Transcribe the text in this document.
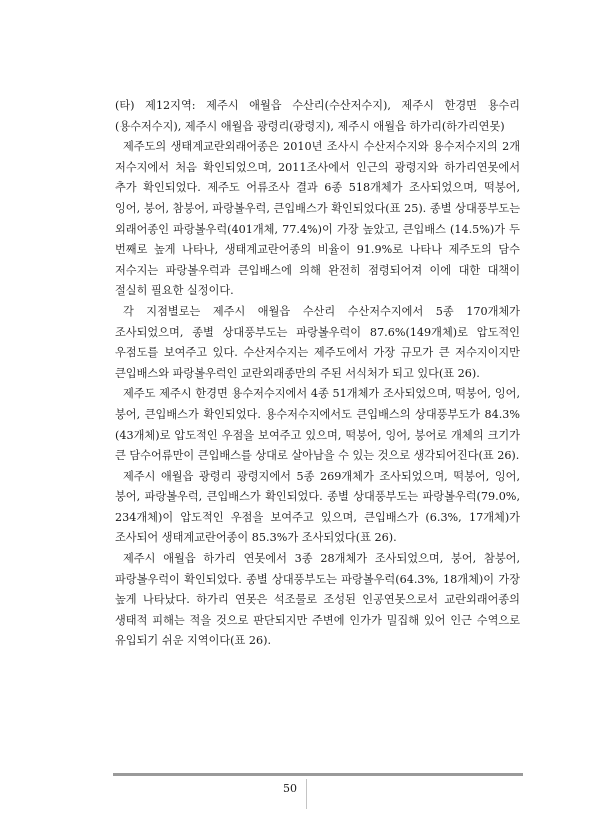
(타) 제12지역: 제주시 애월읍 수산리(수산저수지), 제주시 한경면 용수리(용수저수지), 제주시 애월읍 광령리(광령지), 제주시 애월읍 하가리(하가리연못)

제주도의 생태계교란외래어종은 2010년 조사시 수산저수지와 용수저수지의 2개 저수지에서 처음 확인되었으며, 2011조사에서 인근의 광령지와 하가리연못에서 추가 확인되었다. 제주도 어류조사 결과 6종 518개체가 조사되었으며, 떡붕어, 잉어, 붕어, 참붕어, 파랑볼우럭, 큰입배스가 확인되었다(표 25). 종별 상대풍부도는 외래어종인 파랑볼우럭(401개체, 77.4%)이 가장 높았고, 큰입배스 (14.5%)가 두 번째로 높게 나타나, 생태계교란어종의 비율이 91.9%로 나타나 제주도의 담수 저수지는 파랑볼우럭과 큰입배스에 의해 완전히 점령되어져 이에 대한 대책이 절실히 필요한 실정이다.

각 지점별로는 제주시 애월읍 수산리 수산저수지에서 5종 170개체가 조사되었으며, 종별 상대풍부도는 파랑볼우럭이 87.6%(149개체)로 압도적인 우점도를 보여주고 있다. 수산저수지는 제주도에서 가장 규모가 큰 저수지이지만 큰입배스와 파랑볼우럭인 교란외래종만의 주된 서식처가 되고 있다(표 26).

제주도 제주시 한경면 용수저수지에서 4종 51개체가 조사되었으며, 떡붕어, 잉어, 붕어, 큰입배스가 확인되었다. 용수저수지에서도 큰입배스의 상대풍부도가 84.3%(43개체)로 압도적인 우점을 보여주고 있으며, 떡붕어, 잉어, 붕어로 개체의 크기가 큰 담수어류만이 큰입배스를 상대로 살아남을 수 있는 것으로 생각되어진다(표 26).

제주시 애월읍 광령리 광령지에서 5종 269개체가 조사되었으며, 떡붕어, 잉어, 붕어, 파랑볼우럭, 큰입배스가 확인되었다. 종별 상대풍부도는 파랑볼우럭(79.0%, 234개체)이 압도적인 우점을 보여주고 있으며, 큰입배스가 (6.3%, 17개체)가 조사되어 생태계교란어종이 85.3%가 조사되었다(표 26).

제주시 애월읍 하가리 연못에서 3종 28개체가 조사되었으며, 붕어, 참붕어, 파랑볼우럭이 확인되었다. 종별 상대풍부도는 파랑볼우럭(64.3%, 18개체)이 가장 높게 나타났다. 하가리 연못은 석조물로 조성된 인공연못으로서 교란외래어종의 생태적 피해는 적을 것으로 판단되지만 주변에 인가가 밀집해 있어 인근 수역으로 유입되기 쉬운 지역이다(표 26).

50
